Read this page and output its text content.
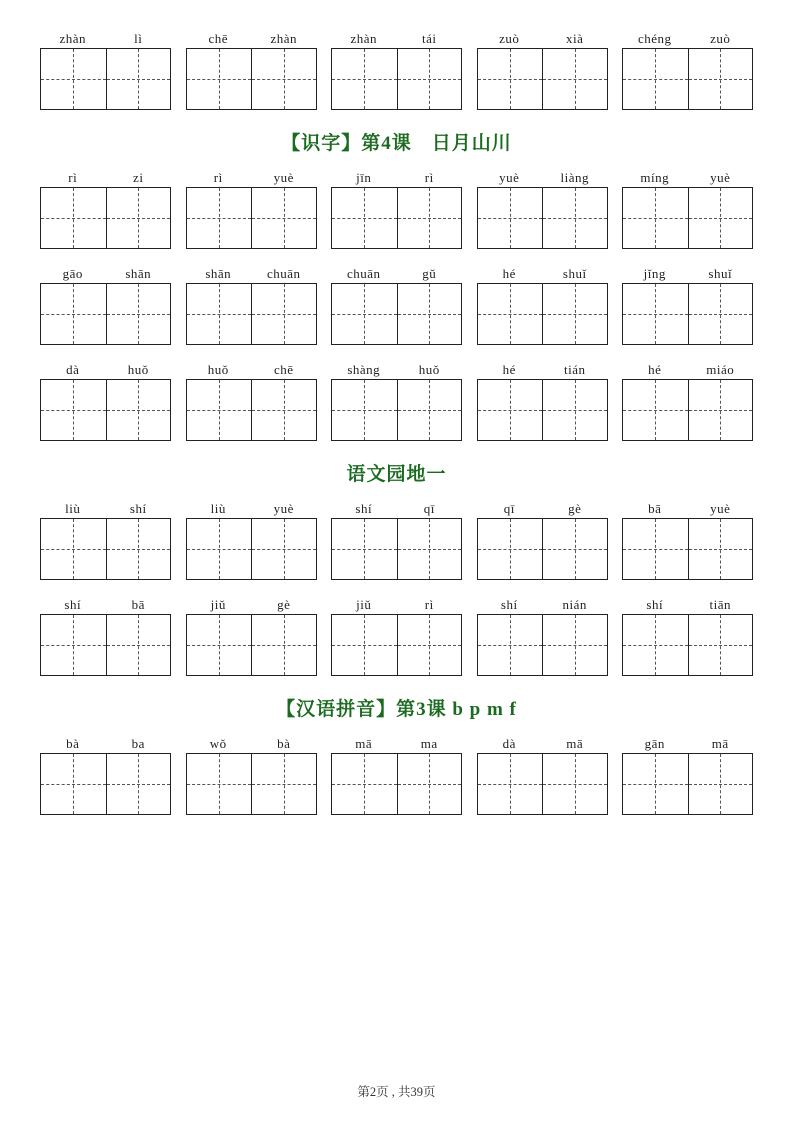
zhàn	lì	chē	zhàn	zhàn	tái	zuò	xià	chéng	zuò
【识字】第4课　日月山川
rì	zi	rì	yuè	jīn	rì	yuè	liàng	míng	yuè
gāo	shān	shān	chuān	chuān	gǔ	hé	shuǐ	jǐng	shuǐ
dà	huǒ	huǒ	chē	shàng	huǒ	hé	tián	hé	miáo
语文园地一
liù	shí	liù	yuè	shí	qī	qī	gè	bā	yuè
shí	bā	jiǔ	gè	jiǔ	rì	shí	nián	shí	tiān
【汉语拼音】第3课 b p m f
bà	ba	wǒ	bà	mā	ma	dà	mā	gān	mā
第2页 , 共39页
